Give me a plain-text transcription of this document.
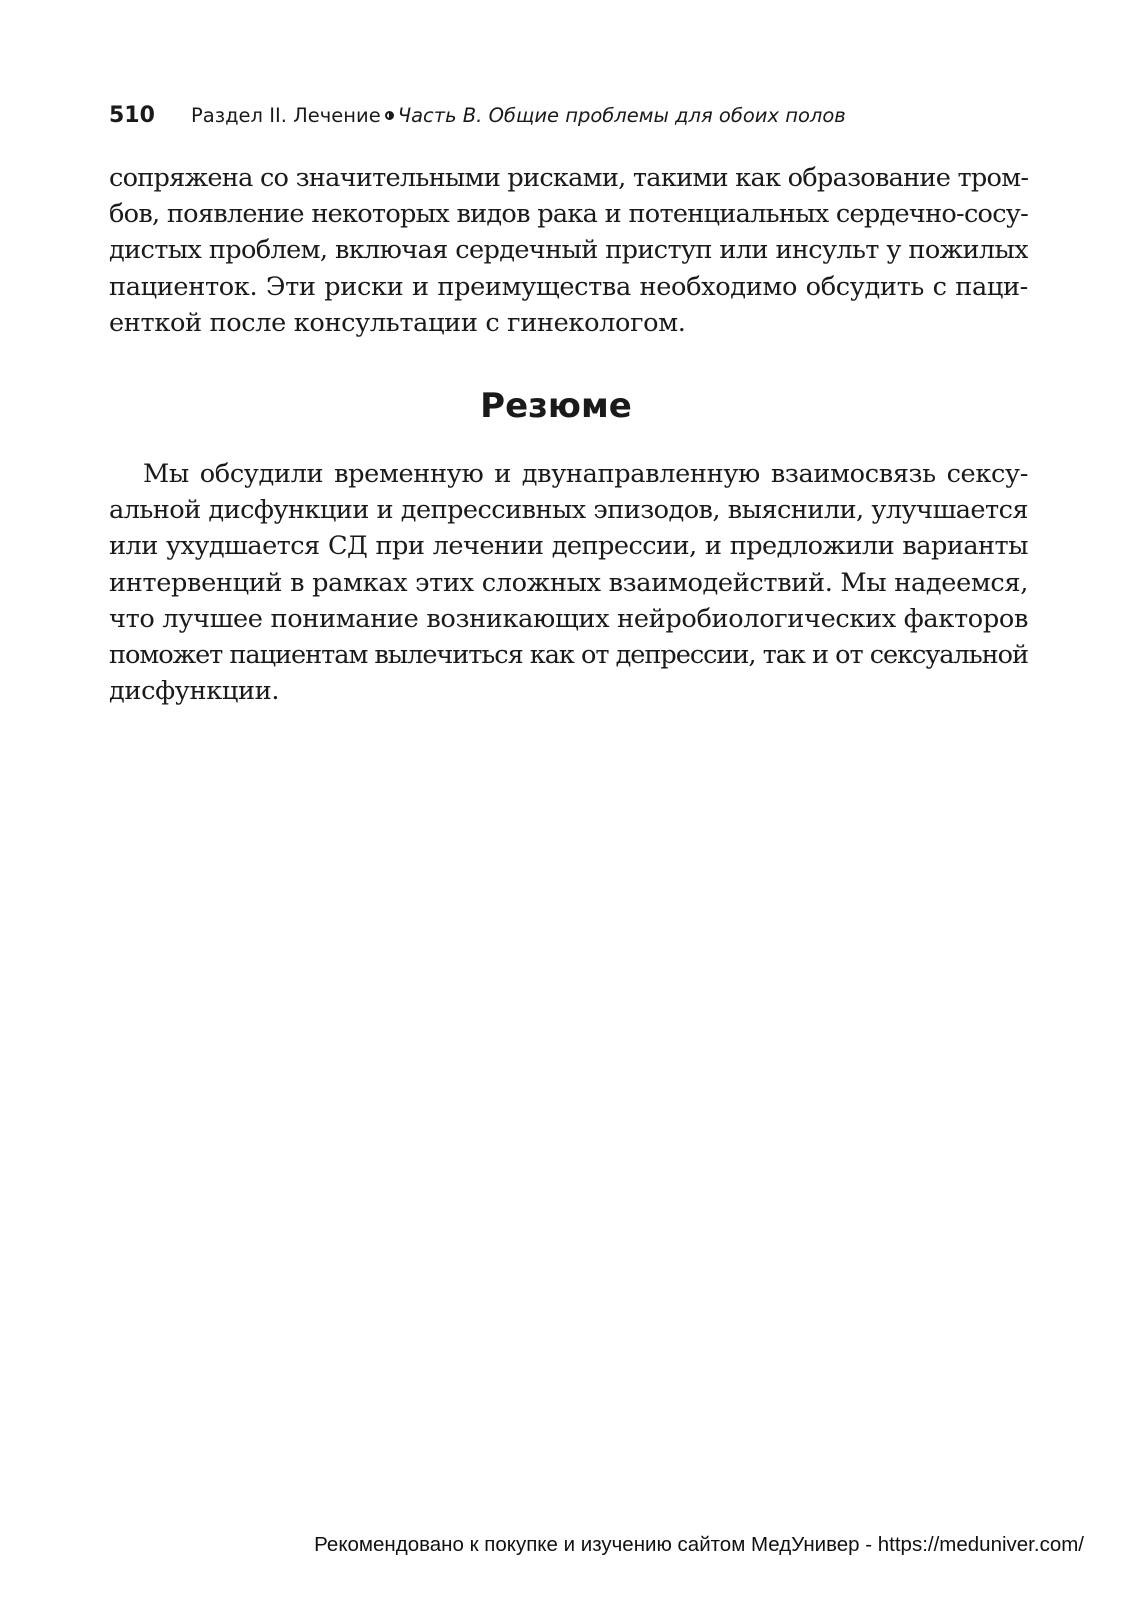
510 Раздел II. Лечение Часть B. Общие проблемы для обоих полов
сопряжена со значительными рисками, такими как образование тром-
бов, появление некоторых видов рака и потенциальных сердечно-сосу-
дистых проблем, включая сердечный приступ или инсульт у пожилых
пациенток. Эти риски и преимущества необходимо обсудить с паци-
енткой после консультации с гинекологом.
Резюме
Мы обсудили временную и двунаправленную взаимосвязь сексу-
альной дисфункции и депрессивных эпизодов, выяснили, улучшается
или ухудшается СД при лечении депрессии, и предложили варианты
интервенций в рамках этих сложных взаимодействий. Мы надеемся,
что лучшее понимание возникающих нейробиологических факторов
поможет пациентам вылечиться как от депрессии, так и от сексуальной
дисфункции.
Рекомендовано к покупке и изучению сайтом МедУнивер - https://meduniver.com/
